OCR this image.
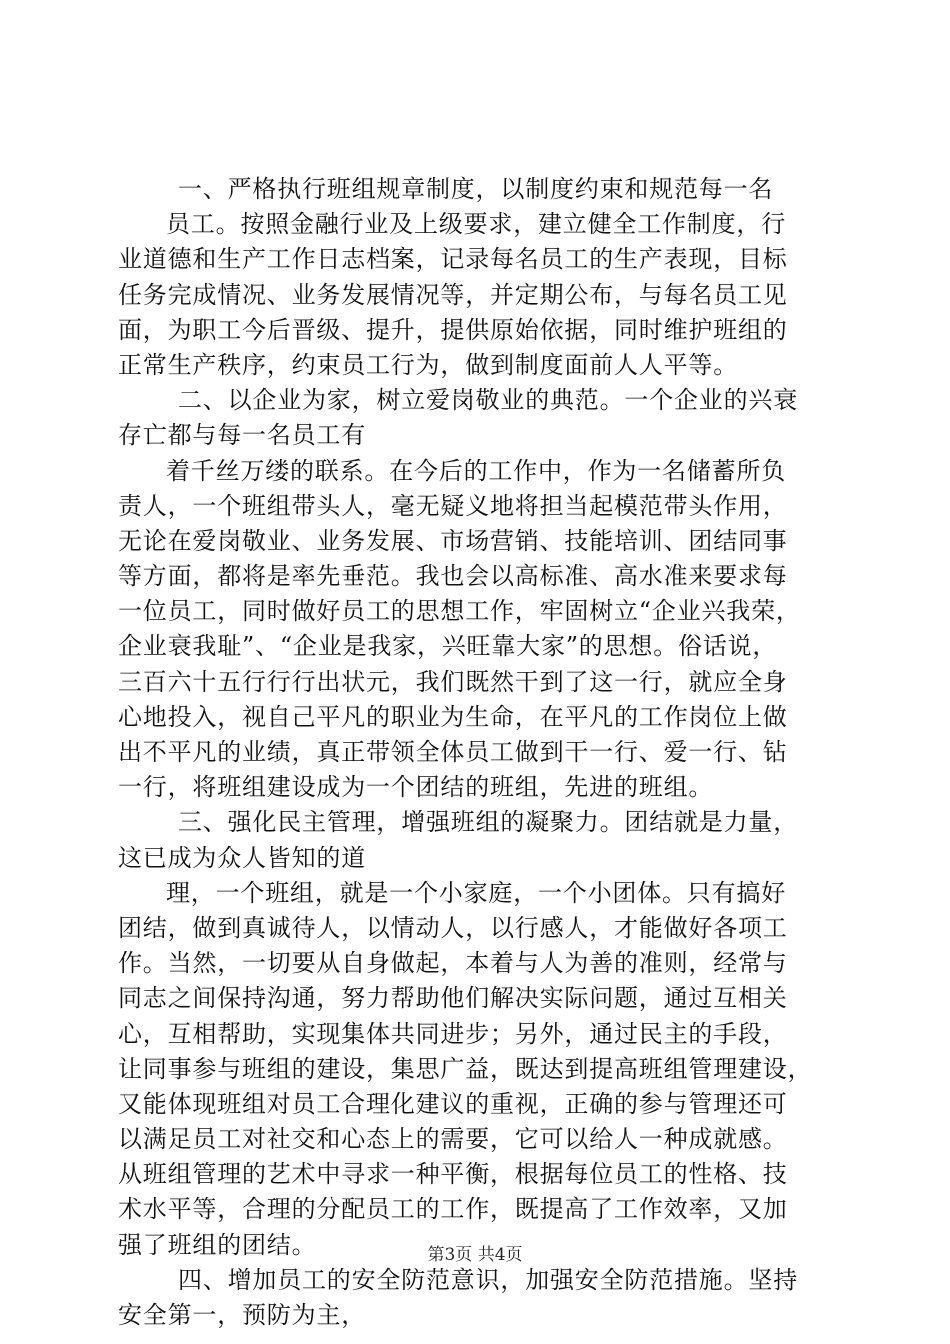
一、严格执行班组规章制度，以制度约束和规范每一名
员工。按照金融行业及上级要求，建立健全工作制度，行
业道德和生产工作日志档案，记录每名员工的生产表现，目标
任务完成情况、业务发展情况等，并定期公布，与每名员工见
面，为职工今后晋级、提升，提供原始依据，同时维护班组的
正常生产秩序，约束员工行为，做到制度面前人人平等。
二、以企业为家，树立爱岗敬业的典范。一个企业的兴衰
存亡都与每一名员工有
着千丝万缕的联系。在今后的工作中，作为一名储蓄所负
责人，一个班组带头人，毫无疑义地将担当起模范带头作用，
无论在爱岗敬业、业务发展、市场营销、技能培训、团结同事
等方面，都将是率先垂范。我也会以高标准、高水准来要求每
一位员工，同时做好员工的思想工作，牢固树立“企业兴我荣，
企业衰我耻”、“企业是我家，兴旺靠大家”的思想。俗话说，
三百六十五行行行出状元，我们既然干到了这一行，就应全身
心地投入，视自己平凡的职业为生命，在平凡的工作岗位上做
出不平凡的业绩，真正带领全体员工做到干一行、爱一行、钻
一行，将班组建设成为一个团结的班组，先进的班组。
三、强化民主管理，增强班组的凝聚力。团结就是力量，
这已成为众人皆知的道
理，一个班组，就是一个小家庭，一个小团体。只有搞好
团结，做到真诚待人，以情动人，以行感人，才能做好各项工
作。当然，一切要从自身做起，本着与人为善的准则，经常与
同志之间保持沟通，努力帮助他们解决实际问题，通过互相关
心，互相帮助，实现集体共同进步；另外，通过民主的手段，
让同事参与班组的建设，集思广益，既达到提高班组管理建设，
又能体现班组对员工合理化建议的重视，正确的参与管理还可
以满足员工对社交和心态上的需要，它可以给人一种成就感。
从班组管理的艺术中寻求一种平衡，根据每位员工的性格、技
术水平等，合理的分配员工的工作，既提高了工作效率，又加
强了班组的团结。
四、增加员工的安全防范意识，加强安全防范措施。坚持
安全第一，预防为主，
第3页 共4页
